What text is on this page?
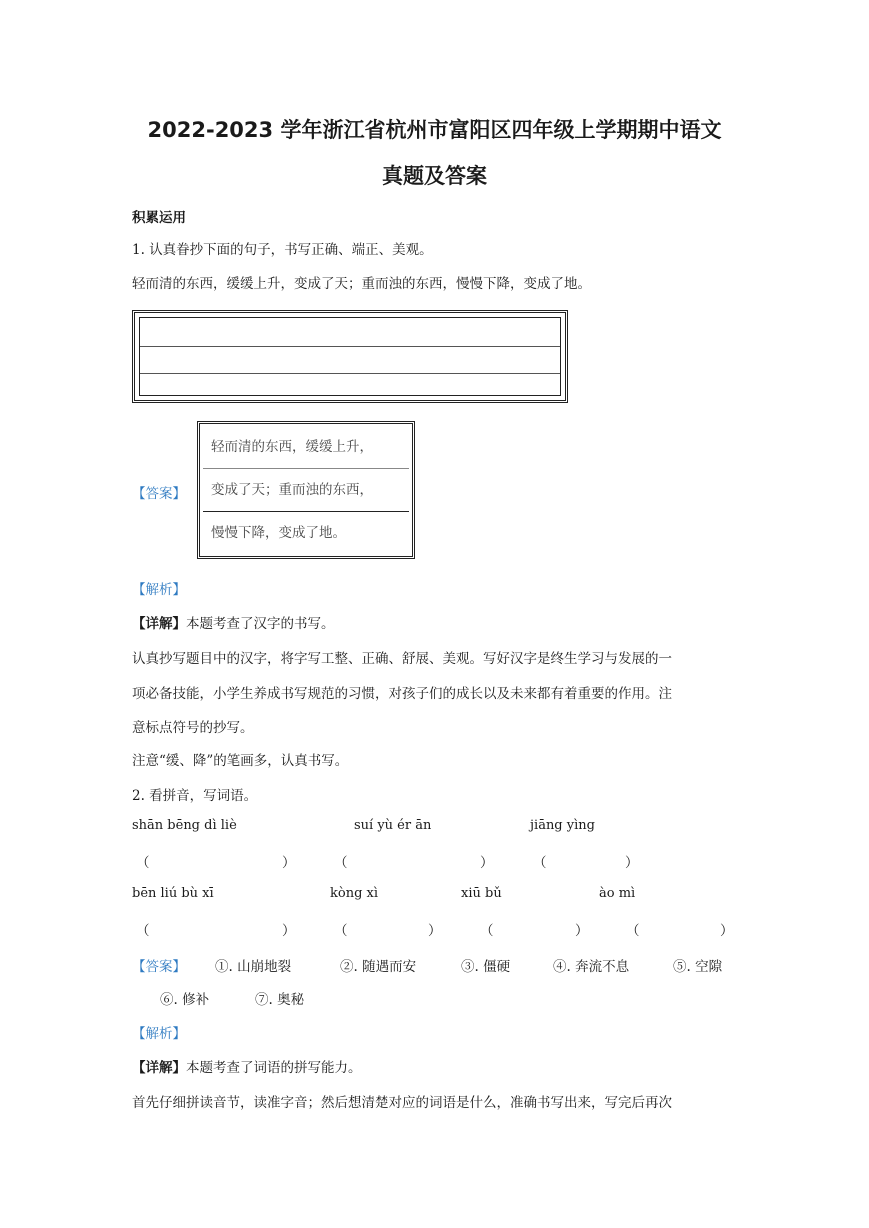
2022-2023 学年浙江省杭州市富阳区四年级上学期期中语文
真题及答案
积累运用
1. 认真眷抄下面的句子，书写正确、端正、美观。
轻而清的东西，缓缓上升，变成了天；重而浊的东西，慢慢下降，变成了地。
【答案】
轻而清的东西，缓缓上升，
变成了天；重而浊的东西，
慢慢下降，变成了地。
【解析】
【详解】本题考查了汉字的书写。
认真抄写题目中的汉字，将字写工整、正确、舒展、美观。写好汉字是终生学习与发展的一
项必备技能，小学生养成书写规范的习惯，对孩子们的成长以及未来都有着重要的作用。注
意标点符号的抄写。
注意“缓、降”的笔画多，认真书写。
2. 看拼音，写词语。
shān bēng dì liè	suí yù ér ān	jiāng yìng
（	）	（	）	（	）
bēn liú bù xī	kòng xì	xiū bǔ	ào mì
（	）	（	）	（	）	（	）
【答案】 ①. 山崩地裂	②. 随遇而安	③. 僵硬	④. 奔流不息	⑤. 空隙
⑥. 修补	⑦. 奥秘
【解析】
【详解】本题考查了词语的拼写能力。
首先仔细拼读音节，读准字音；然后想清楚对应的词语是什么，准确书写出来，写完后再次
